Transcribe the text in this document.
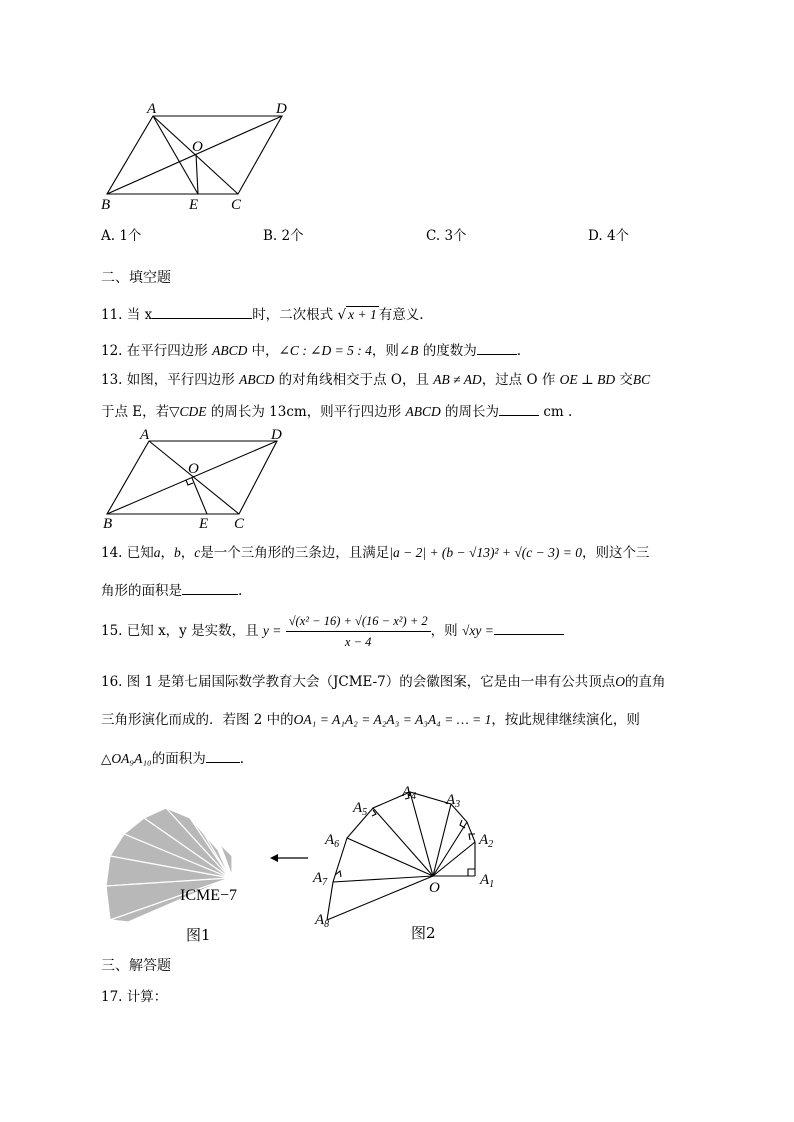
A	D
O
B	E C
A. 1个	B. 2个	C. 3个	D. 4个
二、填空题
11. 当 x	时，二次根式 √ x + 1 有意义.
12. 在平行四边形 ABCD 中，∠C : ∠D = 5 : 4，则∠B 的度数为	.
13. 如图，平行四边形 ABCD 的对角线相交于点 O，且 AB ≠ AD，过点 O 作 OE ⊥ BD 交BC
于点 E，若▽CDE 的周长为 13cm，则平行四边形 ABCD 的周长为	cm .
A	D
O
B	E C
14. 已知a，b，c是一个三角形的三条边，且满足|a − 2| + (b − √13)² + √(c − 3) = 0，则这个三
角形的面积是	.
15. 已知 x，y 是实数，且 $y = \frac{\text{√(x² − 16) + √(16 − x²) + 2}}{x - 4}$ ，则 √xy =
16. 图 1 是第七届国际数学教育大会（JCME-7）的会徽图案，它是由一串有公共顶点O的直角
三角形演化而成的．若图 2 中的OA₁ = A₁A₂ = A₂A₃ = A₃A₄ = … = 1，按此规律继续演化，则
△OA₉A₁₀的面积为	.
ICME−7
图1
O	$A_1$
$A_2$
$A_3$
$A_4$
$A_5$
$A_6$
$A_7$
$A_8$	图2
三、解答题
17. 计算：
